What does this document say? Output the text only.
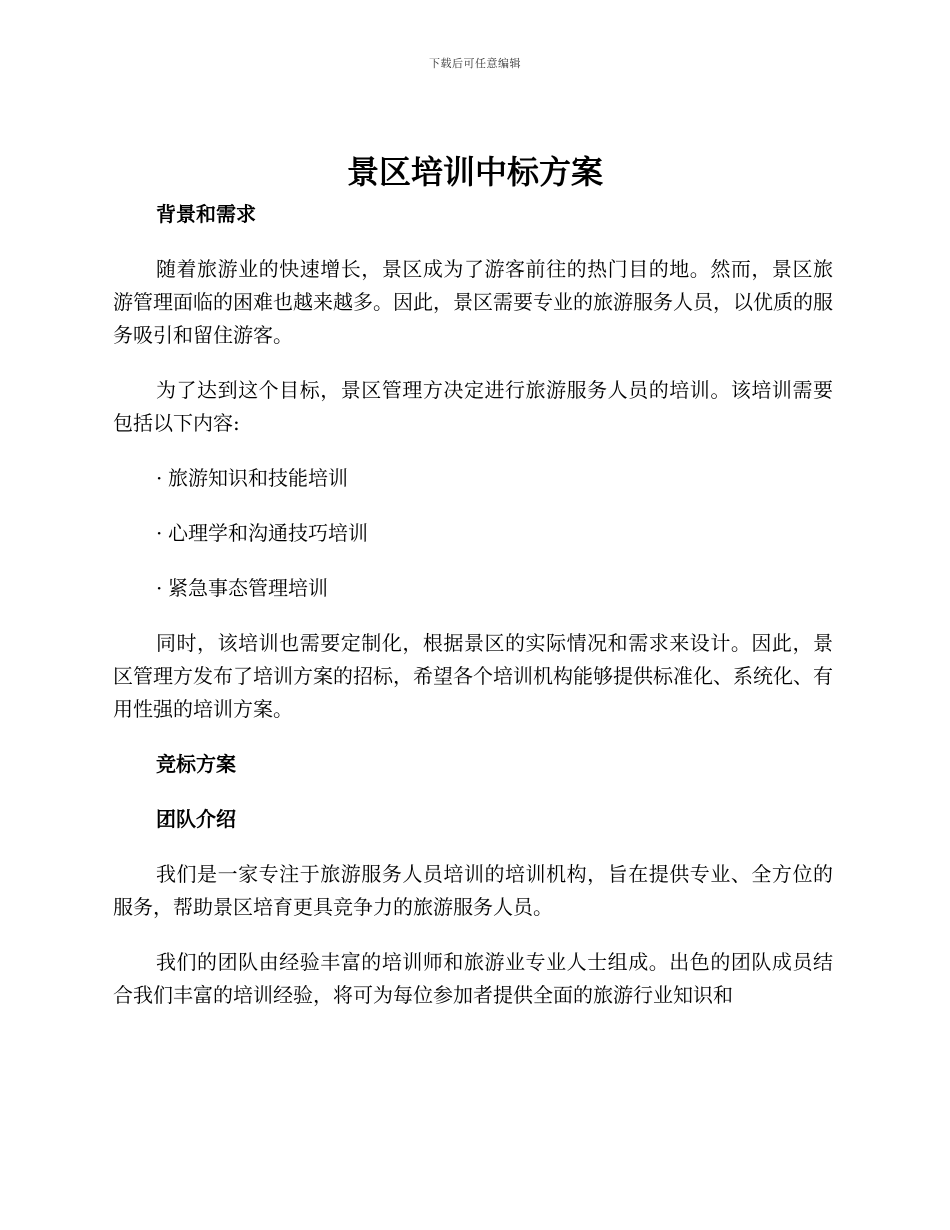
下载后可任意编辑
景区培训中标方案
背景和需求

随着旅游业的快速增长，景区成为了游客前往的热门目的地。然而，景区旅游管理面临的困难也越来越多。因此，景区需要专业的旅游服务人员，以优质的服务吸引和留住游客。

为了达到这个目标，景区管理方决定进行旅游服务人员的培训。该培训需要包括以下内容:

· 旅游知识和技能培训
· 心理学和沟通技巧培训
· 紧急事态管理培训

同时，该培训也需要定制化，根据景区的实际情况和需求来设计。因此，景区管理方发布了培训方案的招标，希望各个培训机构能够提供标准化、系统化、有用性强的培训方案。

竞标方案
团队介绍

我们是一家专注于旅游服务人员培训的培训机构，旨在提供专业、全方位的服务，帮助景区培育更具竞争力的旅游服务人员。

我们的团队由经验丰富的培训师和旅游业专业人士组成。出色的团队成员结合我们丰富的培训经验，将可为每位参加者提供全面的旅游行业知识和
